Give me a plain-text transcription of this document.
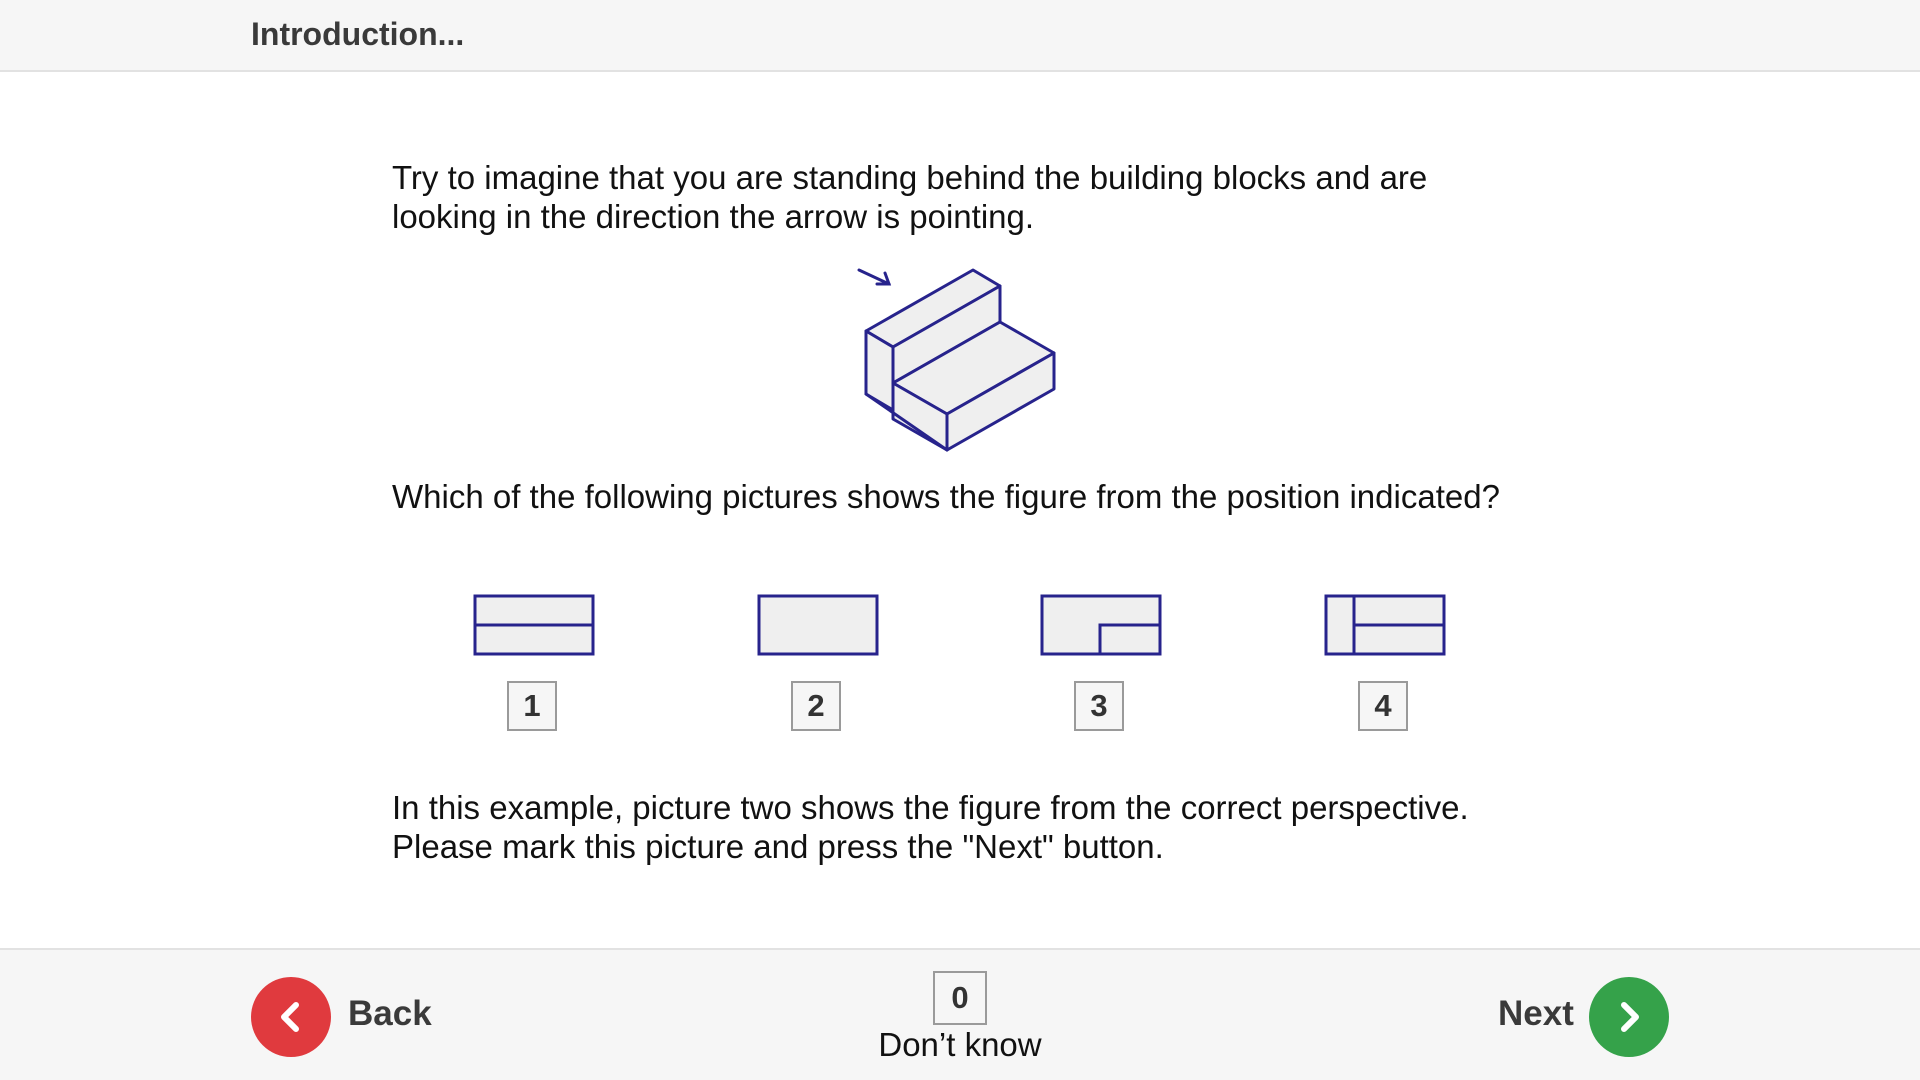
Introduction...
Try to imagine that you are standing behind the building blocks and are
looking in the direction the arrow is pointing.
Which of the following pictures shows the figure from the position indicated?
1	2	3	4
In this example, picture two shows the figure from the correct perspective.
Please mark this picture and press the "Next" button.
Back	0
Don’t know
Next
